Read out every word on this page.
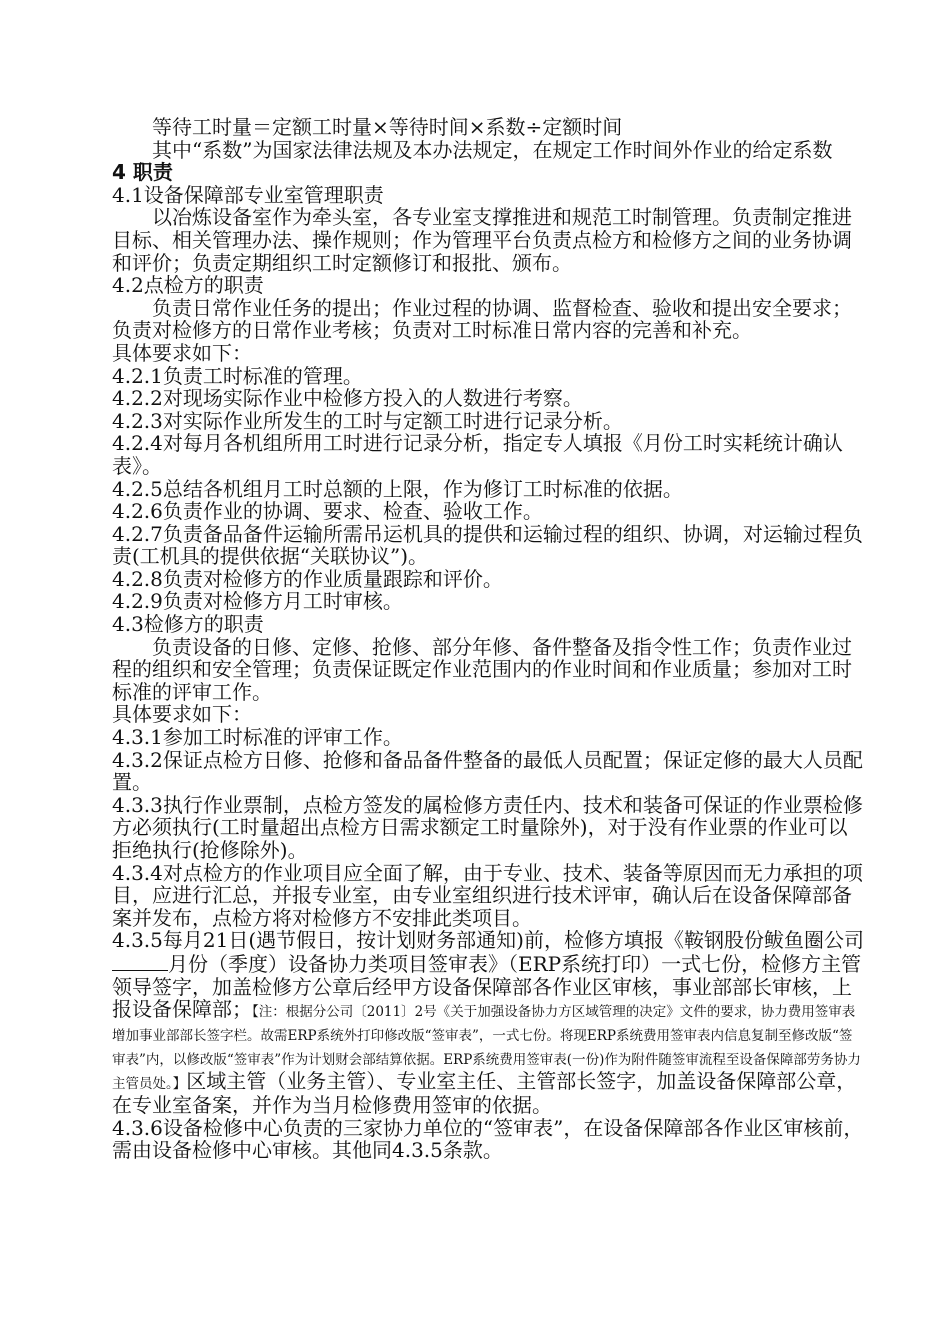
等待工时量＝定额工时量×等待时间×系数÷定额时间

其中“系数”为国家法律法规及本办法规定，在规定工作时间外作业的给定系数

4 职责

4.1设备保障部专业室管理职责

以冶炼设备室作为牵头室，各专业室支撑推进和规范工时制管理。负责制定推进目标、相关管理办法、操作规则；作为管理平台负责点检方和检修方之间的业务协调和评价；负责定期组织工时定额修订和报批、颁布。

4.2点检方的职责

负责日常作业任务的提出；作业过程的协调、监督检查、验收和提出安全要求；负责对检修方的日常作业考核；负责对工时标准日常内容的完善和补充。

具体要求如下：

4.2.1负责工时标准的管理。

4.2.2对现场实际作业中检修方投入的人数进行考察。

4.2.3对实际作业所发生的工时与定额工时进行记录分析。

4.2.4对每月各机组所用工时进行记录分析，指定专人填报《月份工时实耗统计确认表》。

4.2.5总结各机组月工时总额的上限，作为修订工时标准的依据。

4.2.6负责作业的协调、要求、检查、验收工作。

4.2.7负责备品备件运输所需吊运机具的提供和运输过程的组织、协调，对运输过程负责(工机具的提供依据“关联协议”)。

4.2.8负责对检修方的作业质量跟踪和评价。

4.2.9负责对检修方月工时审核。

4.3检修方的职责

负责设备的日修、定修、抢修、部分年修、备件整备及指令性工作；负责作业过程的组织和安全管理；负责保证既定作业范围内的作业时间和作业质量；参加对工时标准的评审工作。

具体要求如下：

4.3.1参加工时标准的评审工作。

4.3.2保证点检方日修、抢修和备品备件整备的最低人员配置；保证定修的最大人员配置。

4.3.3执行作业票制，点检方签发的属检修方责任内、技术和装备可保证的作业票检修方必须执行(工时量超出点检方日需求额定工时量除外)，对于没有作业票的作业可以拒绝执行(抢修除外)。

4.3.4对点检方的作业项目应全面了解，由于专业、技术、装备等原因而无力承担的项目，应进行汇总，并报专业室，由专业室组织进行技术评审，确认后在设备保障部备案并发布，点检方将对检修方不安排此类项目。

4.3.5每月21日(遇节假日，按计划财务部通知)前，检修方填报《鞍钢股份鲅鱼圈公司月份（季度）设备协力类项目签审表》（ERP系统打印）一式七份，检修方主管领导签字，加盖检修方公章后经甲方设备保障部各作业区审核，事业部部长审核，上报设备保障部；【注：根据分公司〔2011〕2号《关于加强设备协力方区域管理的决定》文件的要求，协力费用签审表增加事业部部长签字栏。故需ERP系统外打印修改版“签审表”，一式七份。将现ERP系统费用签审表内信息复制至修改版“签审表”内，以修改版“签审表”作为计划财会部结算依据。ERP系统费用签审表(一份)作为附件随签审流程至设备保障部劳务协力主管员处。】区域主管（业务主管）、专业室主任、主管部长签字，加盖设备保障部公章，在专业室备案，并作为当月检修费用签审的依据。

4.3.6设备检修中心负责的三家协力单位的“签审表”，在设备保障部各作业区审核前，需由设备检修中心审核。其他同4.3.5条款。
